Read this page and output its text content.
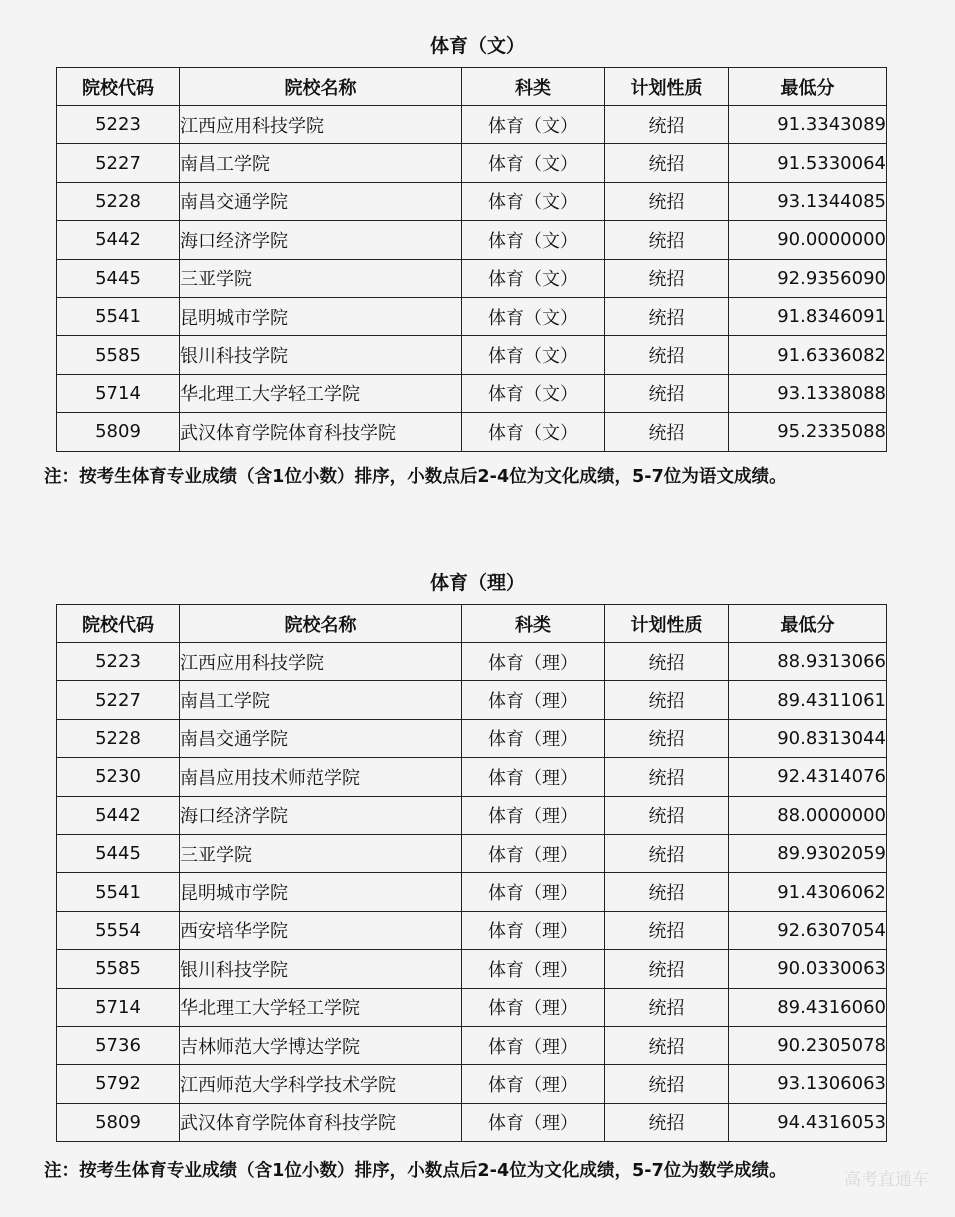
体育（文）
院校代码	院校名称	科类	计划性质	最低分
5223	江西应用科技学院	体育（文）	统招	91.3343089
5227	南昌工学院	体育（文）	统招	91.5330064
5228	南昌交通学院	体育（文）	统招	93.1344085
5442	海口经济学院	体育（文）	统招	90.0000000
5445	三亚学院	体育（文）	统招	92.9356090
5541	昆明城市学院	体育（文）	统招	91.8346091
5585	银川科技学院	体育（文）	统招	91.6336082
5714	华北理工大学轻工学院	体育（文）	统招	93.1338088
5809	武汉体育学院体育科技学院	体育（文）	统招	95.2335088
注：按考生体育专业成绩（含1位小数）排序，小数点后2-4位为文化成绩，5-7位为语文成绩。
体育（理）
院校代码	院校名称	科类	计划性质	最低分
5223	江西应用科技学院	体育（理）	统招	88.9313066
5227	南昌工学院	体育（理）	统招	89.4311061
5228	南昌交通学院	体育（理）	统招	90.8313044
5230	南昌应用技术师范学院	体育（理）	统招	92.4314076
5442	海口经济学院	体育（理）	统招	88.0000000
5445	三亚学院	体育（理）	统招	89.9302059
5541	昆明城市学院	体育（理）	统招	91.4306062
5554	西安培华学院	体育（理）	统招	92.6307054
5585	银川科技学院	体育（理）	统招	90.0330063
5714	华北理工大学轻工学院	体育（理）	统招	89.4316060
5736	吉林师范大学博达学院	体育（理）	统招	90.2305078
5792	江西师范大学科学技术学院	体育（理）	统招	93.1306063
5809	武汉体育学院体育科技学院	体育（理）	统招	94.4316053
注：按考生体育专业成绩（含1位小数）排序，小数点后2-4位为文化成绩，5-7位为数学成绩。	高考直通车
